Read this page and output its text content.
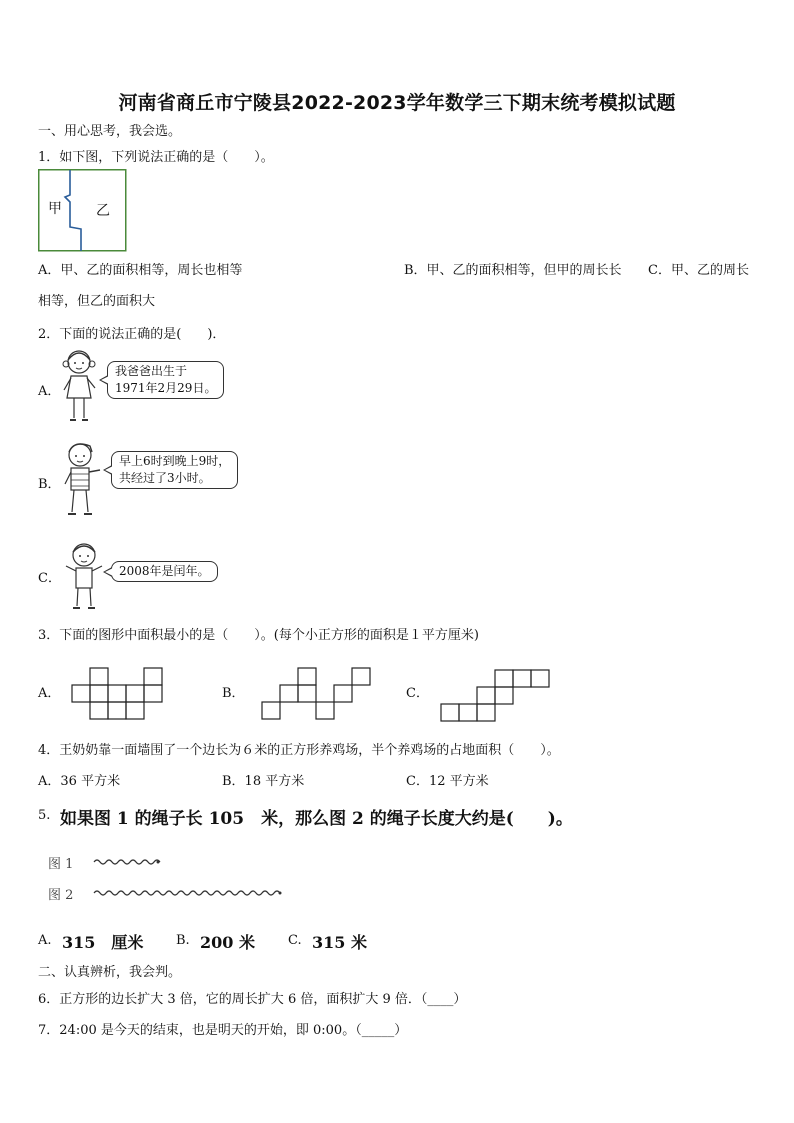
河南省商丘市宁陵县2022-2023学年数学三下期末统考模拟试题
一、用心思考，我会选。
1．如下图，下列说法正确的是（　　）。
甲 乙
A．甲、乙的面积相等，周长也相等	B．甲、乙的面积相等，但甲的周长长 C．甲、乙的周长
相等，但乙的面积大
2．下面的说法正确的是(　　)．
A．
我爸爸出生于
1971年2月29日。
B．
早上6时到晚上9时，
共经过了3小时。
C．	2008年是闰年。
3．下面的图形中面积最小的是（　　）。(每个小正方形的面积是１平方厘米)
A．	B．	C．
4．王奶奶靠一面墙围了一个边长为６米的正方形养鸡场，半个养鸡场的占地面积（　　）。
A．36 平方米	B．18 平方米	C．12 平方米
5. 如果图 1 的绳子长 105　米，那么图 2 的绳子长度大约是(　　)。
图 1
图 2
A. 315　厘米	B. 200 米	C. 315 米
二、认真辨析，我会判。
6．正方形的边长扩大 3 倍，它的周长扩大 6 倍，面积扩大 9 倍．（____）
7．24:00 是今天的结束，也是明天的开始，即 0:00。（_____）
